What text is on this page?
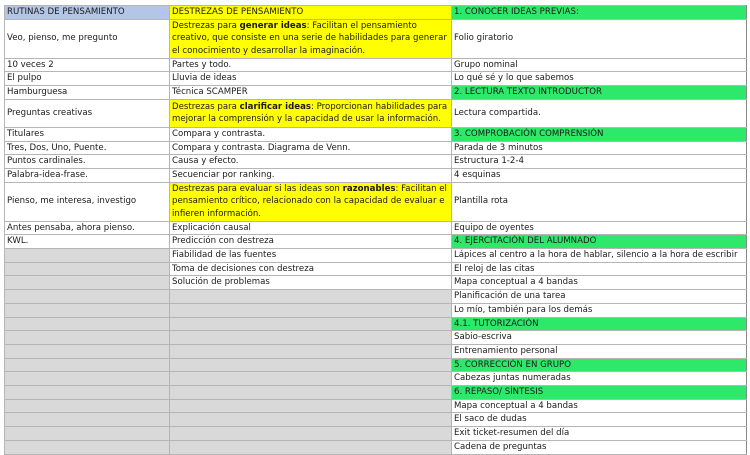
RUTINAS DE PENSAMIENTO	DESTREZAS DE PENSAMIENTO	1. CONOCER IDEAS PREVIAS:
Veo, pienso, me pregunto	Destrezas para generar ideas: Facilitan el pensamiento creativo, que consiste en una serie de habilidades para generar el conocimiento y desarrollar la imaginación.	Folio giratorio
10 veces 2	Partes y todo.	Grupo nominal
El pulpo	Lluvia de ideas	Lo qué sé y lo que sabemos
Hamburguesa	Técnica SCAMPER	2. LECTURA TEXTO INTRODUCTOR
Preguntas creativas	Destrezas para clarificar ideas: Proporcionan habilidades para mejorar la comprensión y la capacidad de usar la información.	Lectura compartida.
Titulares	Compara y contrasta.	3. COMPROBACIÓN COMPRENSIÓN
Tres, Dos, Uno, Puente.	Compara y contrasta. Diagrama de Venn.	Parada de 3 minutos
Puntos cardinales.	Causa y efecto.	Estructura 1-2-4
Palabra-idea-frase.	Secuenciar por ranking.	4 esquinas
Pienso, me interesa, investigo	Destrezas para evaluar si las ideas son razonables: Facilitan el pensamiento crítico, relacionado con la capacidad de evaluar e infieren información.	Plantilla rota
Antes pensaba, ahora pienso.	Explicación causal	Equipo de oyentes
KWL.	Predicción con destreza	4. EJERCITACIÓN DEL ALUMNADO
	Fiabilidad de las fuentes	Lápices al centro a la hora de hablar, silencio a la hora de escribir
	Toma de decisiones con destreza	El reloj de las citas
	Solución de problemas	Mapa conceptual a 4 bandas
		Planificación de una tarea
		Lo mío, también para los demás
		4.1. TUTORIZACIÓN
		Sabio-escriva
		Entrenamiento personal
		5. CORRECCIÓN EN GRUPO
		Cabezas juntas numeradas
		6. REPASO/ SÍNTESIS
		Mapa conceptual a 4 bandas
		El saco de dudas
		Exit ticket-resumen del día
		Cadena de preguntas
